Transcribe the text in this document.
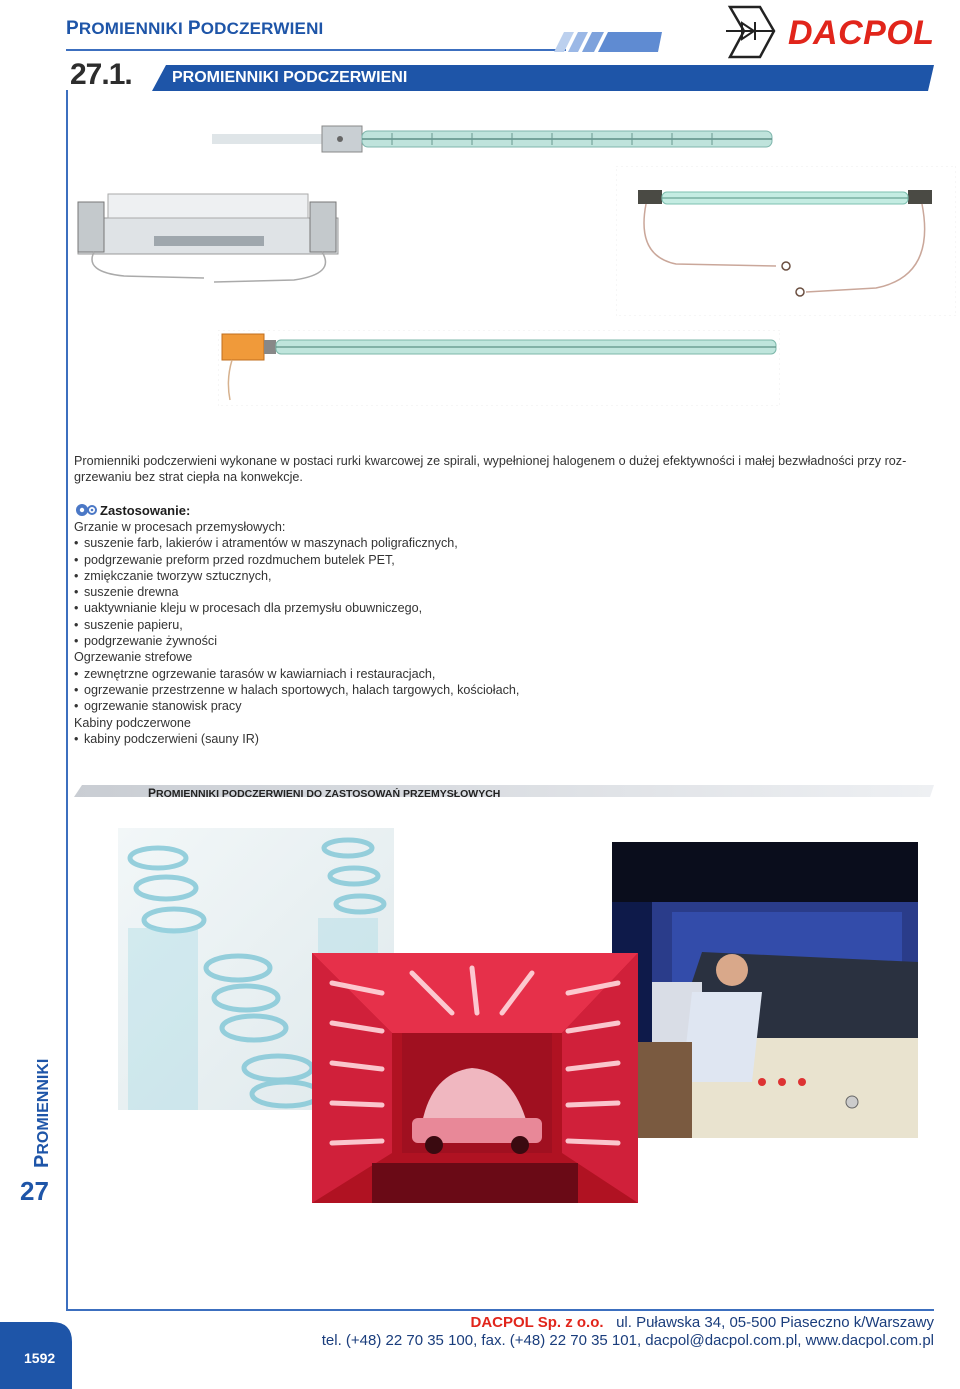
PROMIENNIKI PODCZERWIENI	DACPOL
27.1.	PROMIENNIKI PODCZERWIENI
Promienniki podczerwieni wykonane w postaci rurki kwarcowej ze spirali, wypełnionej halogenem o dużej efektywności i małej bezwładności przy roz-grzewaniu bez strat ciepła na konwekcje.
Zastosowanie:
Grzanie w procesach przemysłowych:
• suszenie farb, lakierów i atramentów w maszynach poligraficznych,
• podgrzewanie preform przed rozdmuchem butelek PET,
• zmiękczanie tworzyw sztucznych,
• suszenie drewna
• uaktywnianie kleju w procesach dla przemysłu obuwniczego,
• suszenie papieru,
• podgrzewanie żywności
Ogrzewanie strefowe
• zewnętrzne ogrzewanie tarasów w kawiarniach i restauracjach,
• ogrzewanie przestrzenne w halach sportowych, halach targowych, kościołach,
• ogrzewanie stanowisk pracy
Kabiny podczerwone
• kabiny podczerwieni (sauny IR)
PROMIENNIKI PODCZERWIENI DO ZASTOSOWAŃ PRZEMYSŁOWYCH
PROMIENNIKI
27
1592
DACPOL Sp. z o.o. ul. Puławska 34, 05-500 Piaseczno k/Warszawy
tel. (+48) 22 70 35 100, fax. (+48) 22 70 35 101, dacpol@dacpol.com.pl, www.dacpol.com.pl
